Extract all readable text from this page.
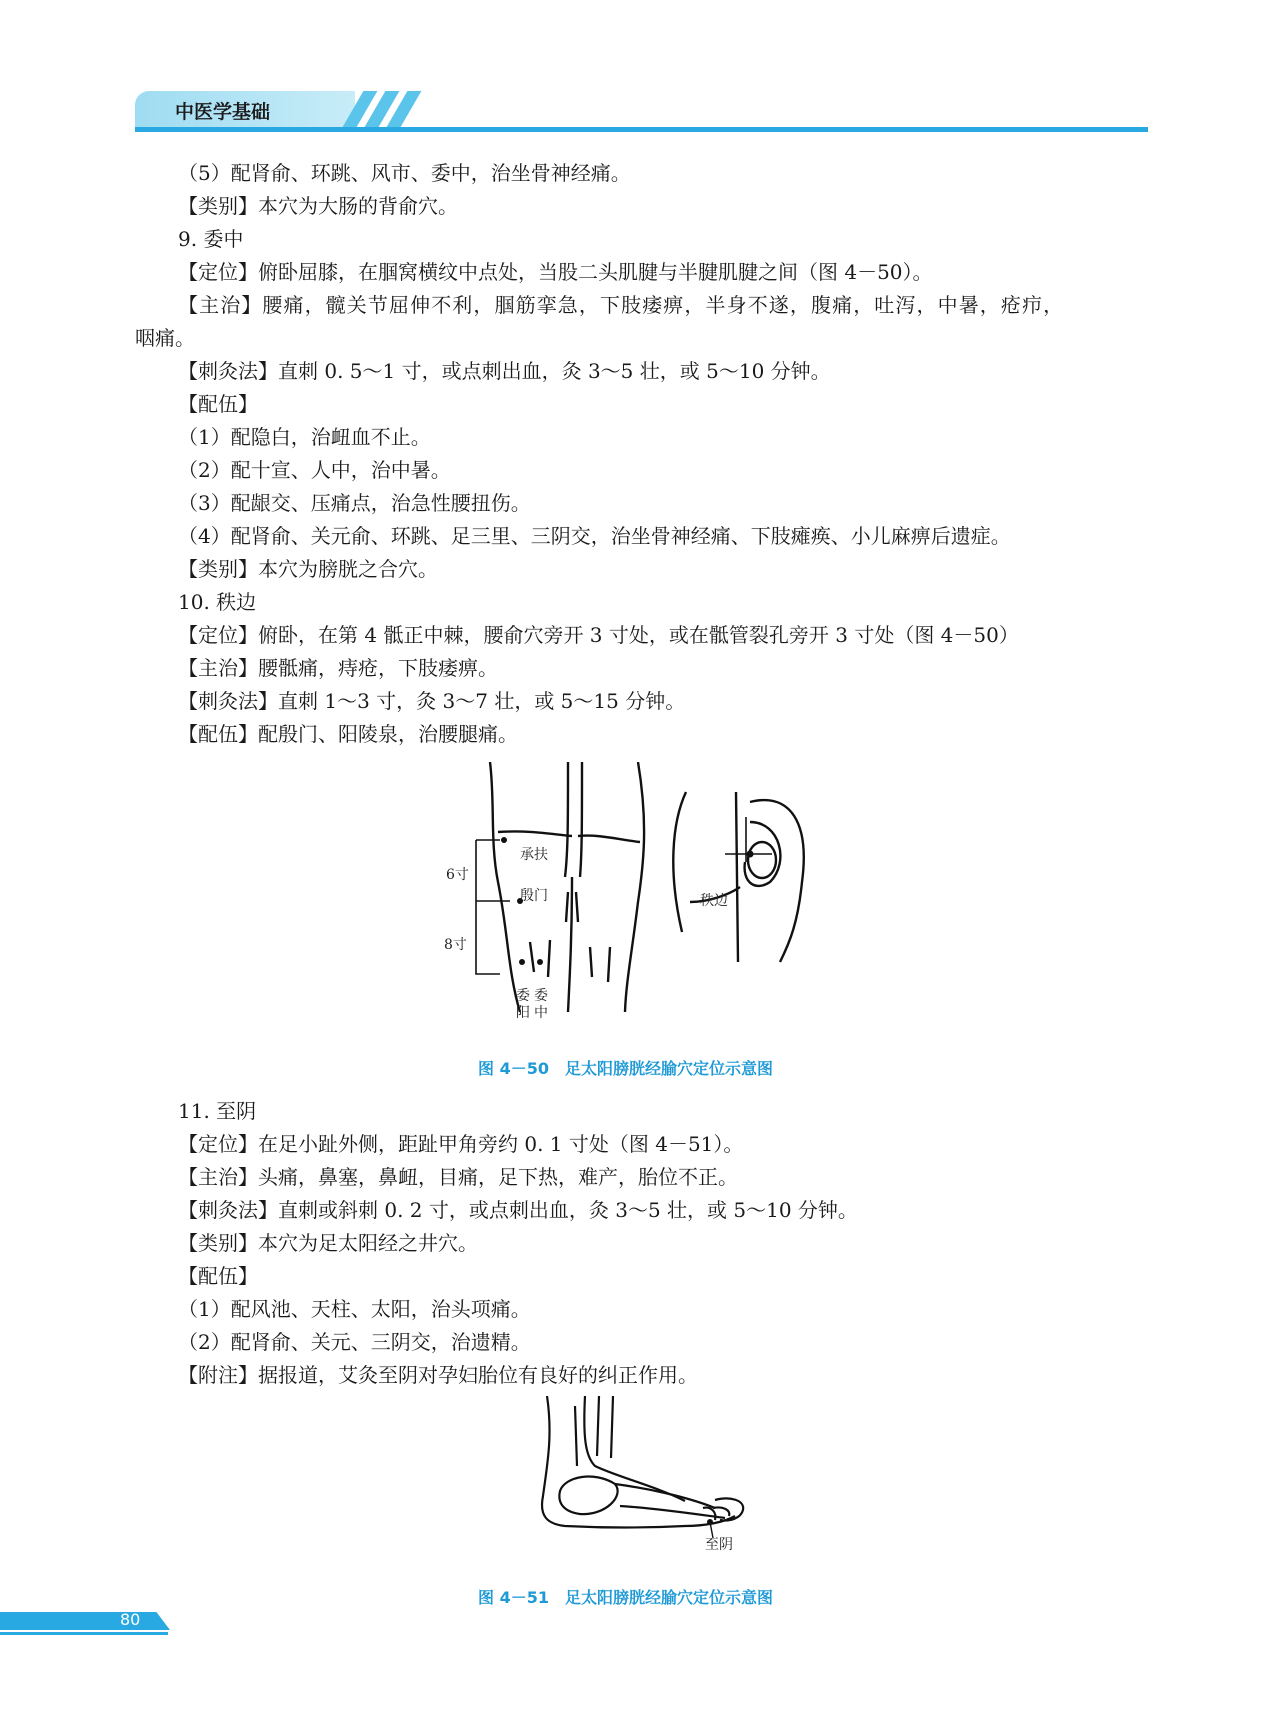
中医学基础
（5）配肾俞、环跳、风市、委中，治坐骨神经痛。
【类别】本穴为大肠的背俞穴。
9. 委中
【定位】俯卧屈膝，在腘窝横纹中点处，当股二头肌腱与半腱肌腱之间（图 4－50）。
【主治】腰痛，髋关节屈伸不利，腘筋挛急，下肢痿痹，半身不遂，腹痛，吐泻，中暑，疮疖，
咽痛。
【刺灸法】直刺 0. 5～1 寸，或点刺出血，灸 3～5 壮，或 5～10 分钟。
【配伍】
（1）配隐白，治衄血不止。
（2）配十宣、人中，治中暑。
（3）配龈交、压痛点，治急性腰扭伤。
（4）配肾俞、关元俞、环跳、足三里、三阴交，治坐骨神经痛、下肢瘫痪、小儿麻痹后遗症。
【类别】本穴为膀胱之合穴。
10. 秩边
【定位】俯卧，在第 4 骶正中棘，腰俞穴旁开 3 寸处，或在骶管裂孔旁开 3 寸处（图 4－50）
【主治】腰骶痛，痔疮，下肢痿痹。
【刺灸法】直刺 1～3 寸，灸 3～7 壮，或 5～15 分钟。
【配伍】配殷门、阳陵泉，治腰腿痛。
承扶
殷门
6寸
8寸
委阳
委中
秩边
图 4－50　足太阳膀胱经腧穴定位示意图
11. 至阴
【定位】在足小趾外侧，距趾甲角旁约 0. 1 寸处（图 4－51）。
【主治】头痛，鼻塞，鼻衄，目痛，足下热，难产，胎位不正。
【刺灸法】直刺或斜刺 0. 2 寸，或点刺出血，灸 3～5 壮，或 5～10 分钟。
【类别】本穴为足太阳经之井穴。
【配伍】
（1）配风池、天柱、太阳，治头项痛。
（2）配肾俞、关元、三阴交，治遗精。
【附注】据报道，艾灸至阴对孕妇胎位有良好的纠正作用。
至阴
图 4－51　足太阳膀胱经腧穴定位示意图
80
